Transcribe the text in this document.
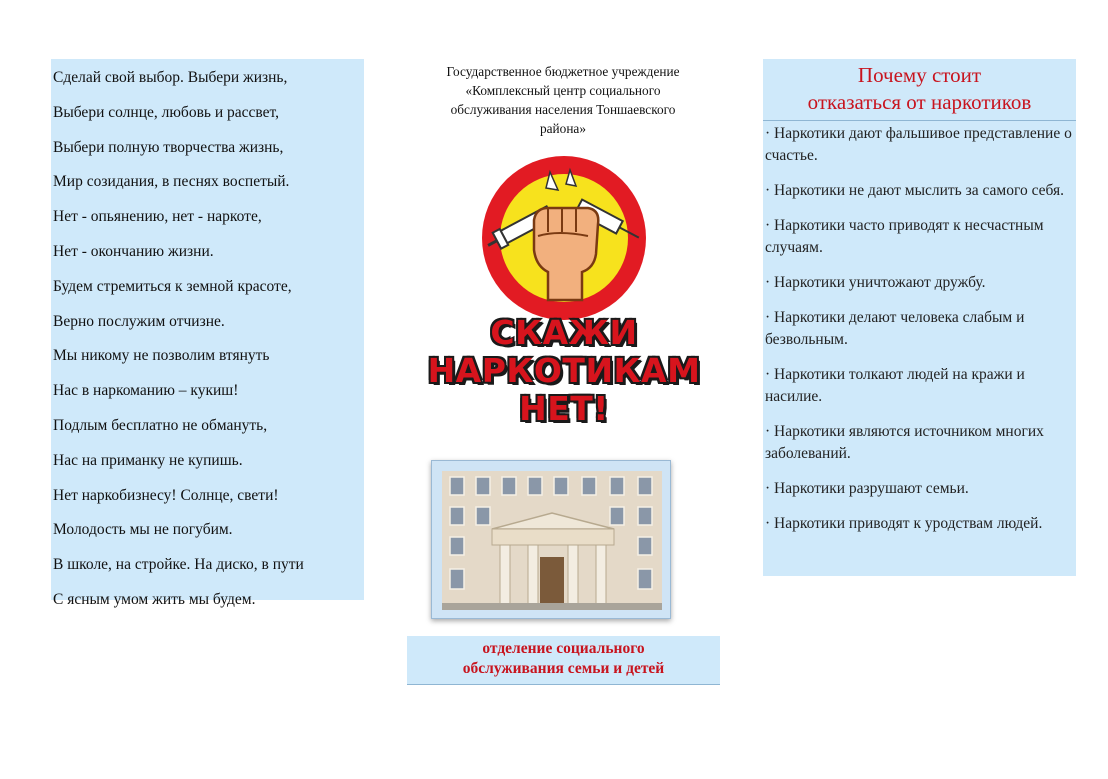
Сделай свой выбор. Выбери жизнь,
Выбери солнце, любовь и рассвет,
Выбери полную творчества жизнь,
Мир созидания, в песнях воспетый.
Нет - опьянению, нет - наркоте,
Нет - окончанию жизни.
Будем стремиться к земной красоте,
Верно послужим отчизне.
Мы никому не позволим втянуть
Нас в наркоманию – кукиш!
Подлым бесплатно не обмануть,
Нас на приманку не купишь.
Нет наркобизнесу! Солнце, свети!
Молодость мы не погубим.
В школе, на стройке. На диско, в пути
С ясным умом жить мы будем.
Государственное бюджетное учреждение
«Комплексный центр социального
обслуживания населения Тоншаевского
района»
СКАЖИ
НАРКОТИКАМ
НЕТ!
отделение социального
обслуживания семьи и детей
Почему стоит
отказаться от наркотиков
· Наркотики дают фальшивое представление о счастье.
· Наркотики не дают мыслить за самого себя.
· Наркотики часто приводят к несчастным случаям.
· Наркотики уничтожают дружбу.
· Наркотики делают человека слабым и безвольным.
· Наркотики толкают людей на кражи и насилие.
· Наркотики являются источником многих заболеваний.
· Наркотики разрушают семьи.
· Наркотики приводят к уродствам людей.
